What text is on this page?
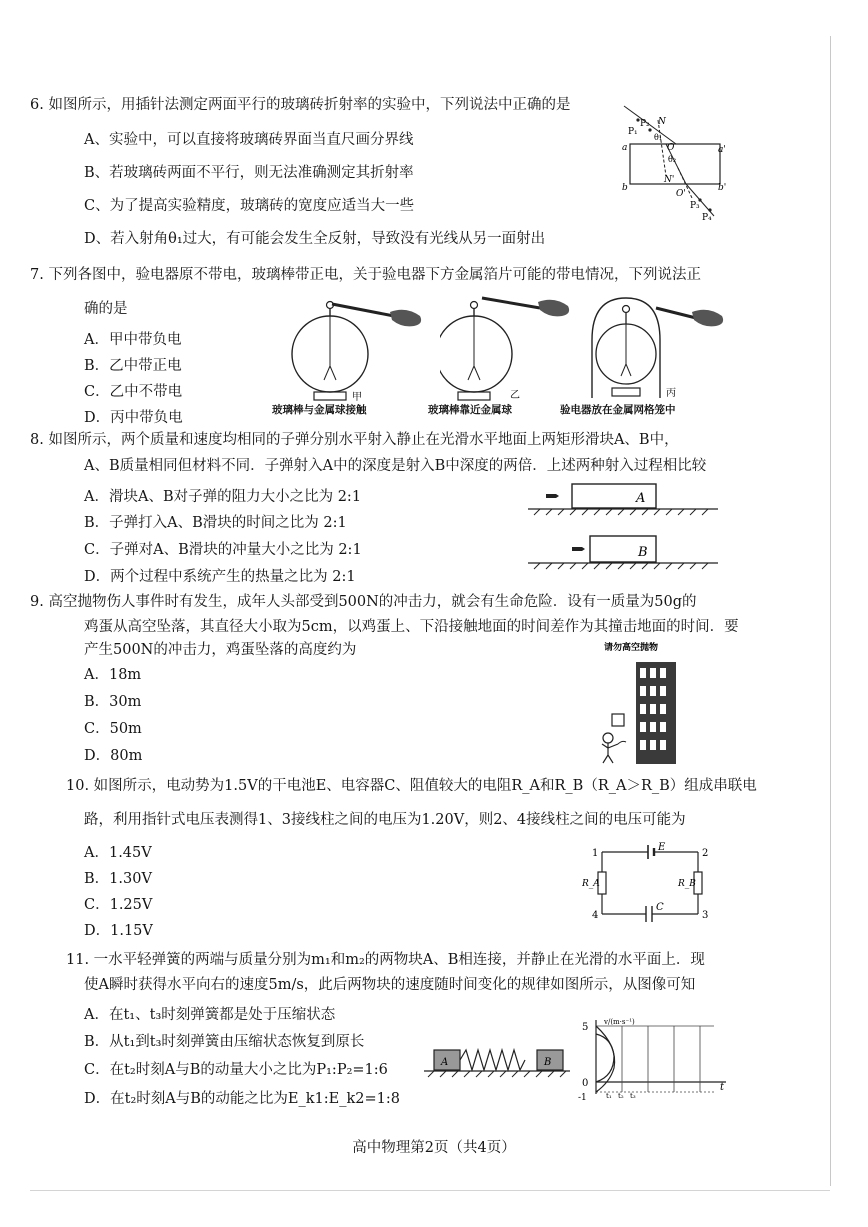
6. 如图所示，用插针法测定两面平行的玻璃砖折射率的实验中，下列说法中正确的是
A、实验中，可以直接将玻璃砖界面当直尺画分界线
B、若玻璃砖两面不平行，则无法准确测定其折射率
C、为了提高实验精度，玻璃砖的宽度应适当大一些
D、若入射角θ₁过大，有可能会发生全反射，导致没有光线从另一面射出
P₁
P₂ N
θ₁
O
θ₂
a	a'
b	b'
N'
O'
P₃
P₄
7. 下列各图中，验电器原不带电，玻璃棒带正电，关于验电器下方金属箔片可能的带电情况，下列说法正
确的是
A．甲中带负电
B．乙中带正电
C．乙中不带电
D．丙中带负电
甲
玻璃棒与金属球接触
乙
玻璃棒靠近金属球
丙
验电器放在金属网格笼中
8. 如图所示，两个质量和速度均相同的子弹分别水平射入静止在光滑水平地面上两矩形滑块A、B中，
A、B质量相同但材料不同．子弹射入A中的深度是射入B中深度的两倍．上述两种射入过程相比较
A．滑块A、B对子弹的阻力大小之比为 2:1
B．子弹打入A、B滑块的时间之比为 2:1
C．子弹对A、B滑块的冲量大小之比为 2:1
D．两个过程中系统产生的热量之比为 2:1
A
B
9. 高空抛物伤人事件时有发生，成年人头部受到500N的冲击力，就会有生命危险．设有一质量为50g的
鸡蛋从高空坠落，其直径大小取为5cm，以鸡蛋上、下沿接触地面的时间差作为其撞击地面的时间．要
产生500N的冲击力，鸡蛋坠落的高度约为
A．18m
B．30m
C．50m
D．80m
请勿高空抛物
10. 如图所示，电动势为1.5V的干电池E、电容器C、阻值较大的电阻R_A和R_B（R_A＞R_B）组成串联电
路，利用指针式电压表测得1、3接线柱之间的电压为1.20V，则2、4接线柱之间的电压可能为
A．1.45V
B．1.30V
C．1.25V
D．1.15V
1	2
3
4
E
C
R_A	R_B
11. 一水平轻弹簧的两端与质量分别为m₁和m₂的两物块A、B相连接，并静止在光滑的水平面上．现
使A瞬时获得水平向右的速度5m/s，此后两物块的速度随时间变化的规律如图所示，从图像可知
A．在t₁、t₃时刻弹簧都是处于压缩状态
B．从t₁到t₃时刻弹簧由压缩状态恢复到原长
C．在t₂时刻A与B的动量大小之比为P₁:P₂=1:6
D．在t₂时刻A与B的动能之比为E_k1:E_k2=1:8
A	B
v/(m·s⁻¹)
5
0
-1
t
t₁ t₂ t₃
高中物理第2页（共4页）
